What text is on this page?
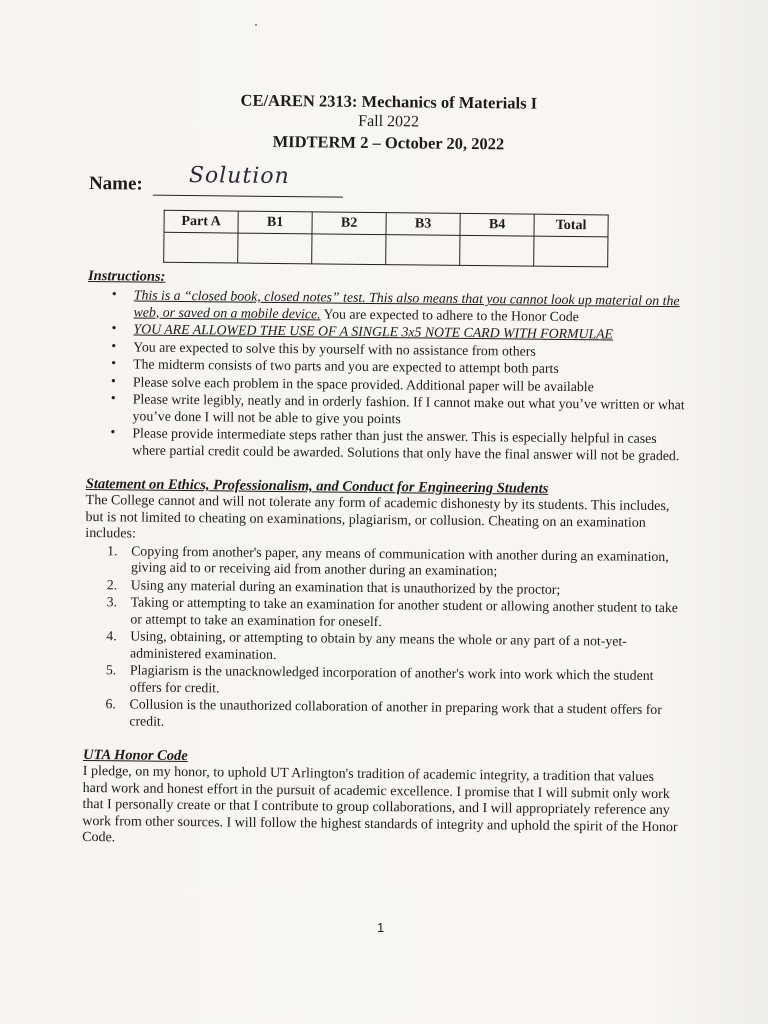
CE/AREN 2313: Mechanics of Materials I
Fall 2022
MIDTERM 2 – October 20, 2022
Name: Solution
Part A	B1	B2	B3	B4	Total

Instructions:
• This is a “closed book, closed notes” test. This also means that you cannot look up material on the web, or saved on a mobile device. You are expected to adhere to the Honor Code
• YOU ARE ALLOWED THE USE OF A SINGLE 3x5 NOTE CARD WITH FORMULAE
• You are expected to solve this by yourself with no assistance from others
• The midterm consists of two parts and you are expected to attempt both parts
• Please solve each problem in the space provided. Additional paper will be available
• Please write legibly, neatly and in orderly fashion. If I cannot make out what you’ve written or what you’ve done I will not be able to give you points
• Please provide intermediate steps rather than just the answer. This is especially helpful in cases where partial credit could be awarded. Solutions that only have the final answer will not be graded.
Statement on Ethics, Professionalism, and Conduct for Engineering Students
The College cannot and will not tolerate any form of academic dishonesty by its students. This includes, but is not limited to cheating on examinations, plagiarism, or collusion. Cheating on an examination includes:
1. Copying from another's paper, any means of communication with another during an examination, giving aid to or receiving aid from another during an examination;
2. Using any material during an examination that is unauthorized by the proctor;
3. Taking or attempting to take an examination for another student or allowing another student to take or attempt to take an examination for oneself.
4. Using, obtaining, or attempting to obtain by any means the whole or any part of a not-yet-administered examination.
5. Plagiarism is the unacknowledged incorporation of another's work into work which the student offers for credit.
6. Collusion is the unauthorized collaboration of another in preparing work that a student offers for credit.
UTA Honor Code
I pledge, on my honor, to uphold UT Arlington's tradition of academic integrity, a tradition that values hard work and honest effort in the pursuit of academic excellence. I promise that I will submit only work that I personally create or that I contribute to group collaborations, and I will appropriately reference any work from other sources. I will follow the highest standards of integrity and uphold the spirit of the Honor Code.
1
